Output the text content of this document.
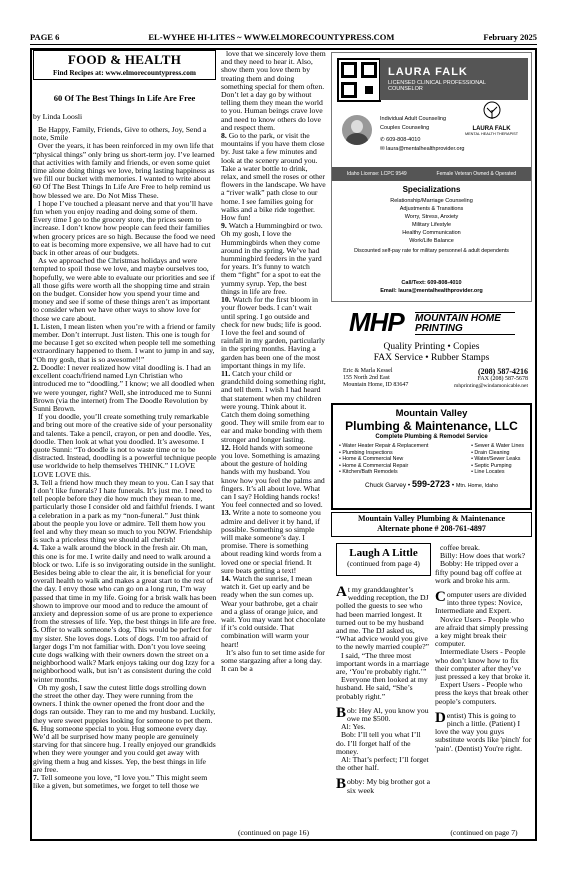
PAGE 6	EL-WYHEE HI-LITES ~ WWW.ELMORECOUNTYPRESS.COM	February 2025
FOOD & HEALTH
Find Recipes at: www.elmorecountypress.com
60 Of The Best Things In Life Are Free
by Linda Loosli

Be Happy, Family, Friends, Give to others, Joy, Send a note, Smile

Over the years, it has been reinforced in my own life that “physical things” only bring us short-term joy. I’ve learned that activities with family and friends, or even some quiet time alone doing things we love, bring lasting happiness as we fill our bucket with memories. I wanted to write about 60 Of The Best Things In Life Are Free to help remind us how blessed we are. Do Not Miss These.

I hope I’ve touched a pleasant nerve and that you’ll have fun when you enjoy reading and doing some of them. Every time I go to the grocery store, the prices seem to increase. I don’t know how people can feed their families when grocery prices are so high. Because the food we need to eat is becoming more expensive, we all have had to cut back in other areas of our budgets.

As we approached the Christmas holidays and were tempted to spoil those we love, and maybe ourselves too, hopefully, we were able to evaluate our priorities and see if all those gifts were worth all the shopping time and strain on the budget. Consider how you spend your time and money and see if some of these things aren’t as important to consider when we have other ways to show love for those we care about.

1. Listen, I mean listen when you’re with a friend or family member. Don’t interrupt. Just listen. This one is tough for me because I get so excited when people tell me something extraordinary happened to them. I want to jump in and say, “Oh my gosh, that is so awesome!!”

2. Doodle: I never realized how vital doodling is. I had an excellent coach/friend named Lyn Christian who introduced me to “doodling.” I know; we all doodled when we were younger, right? Well, she introduced me to Sunni Brown (via the internet) from The Doodle Revolution by Sunni Brown.

If you doodle, you’ll create something truly remarkable and bring out more of the creative side of your personality and talents. Take a pencil, crayon, or pen and doodle. Yes, doodle. Then look at what you doodled. It’s awesome. I quote Sunni: “To doodle is not to waste time or to be distracted. Instead, doodling is a powerful technique people use worldwide to help themselves THINK.” I LOVE LOVE LOVE this.

3. Tell a friend how much they mean to you. Can I say that I don’t like funerals? I hate funerals. It’s just me. I need to tell people before they die how much they mean to me, particularly those I consider old and faithful friends. I want a celebration in a park as my “non-funeral.” Just think about the people you love or admire. Tell them how you feel and why they mean so much to you NOW. Friendship is such a priceless thing we should all cherish!

4. Take a walk around the block in the fresh air. Oh man, this one is for me. I write daily and need to walk around a block or two. Life is so invigorating outside in the sunlight. Besides being able to clear the air, it is beneficial for your overall health to walk and makes a great start to the rest of the day. I envy those who can go on a long run, I’m way passed that time in my life. Going for a brisk walk has been shown to improve our mood and to reduce the amount of anxiety and depression some of us are prone to experience from the stresses of life. Yep, the best things in life are free.

5. Offer to walk someone’s dog. This would be perfect for my sister. She loves dogs. Lots of dogs. I’m too afraid of larger dogs I’m not familiar with. Don’t you love seeing cute dogs walking with their owners down the street on a neighborhood walk? Mark enjoys taking our dog Izzy for a neighborhood walk, but isn’t as consistent during the cold winter months.

Oh my gosh, I saw the cutest little dogs strolling down the street the other day. They were running from the owners. I think the owner opened the front door and the dogs ran outside. They ran to me and my husband. Luckily, they were sweet puppies looking for someone to pet them.

6. Hug someone special to you. Hug someone every day. We’d all be surprised how many people are genuinely starving for that sincere hug. I really enjoyed our grandkids when they were younger and you could get away with giving them a hug and kisses. Yep, the best things in life are free.

7. Tell someone you love, “I love you.” This might seem like a given, but sometimes, we forget to tell those we

love that we sincerely love them and they need to hear it. Also, show them you love them by treating them and doing something special for them often. Don’t let a day go by without telling them they mean the world to you. Human beings crave love and need to know others do love and respect them.

8. Go to the park, or visit the mountains if you have them close by. Just take a few minutes and look at the scenery around you. Take a water bottle to drink, relax, and smell the roses or other flowers in the landscape. We have a “river walk” path close to our home. I see families going for walks and a bike ride together. How fun!

9. Watch a Hummingbird or two. Oh my gosh, I love the Hummingbirds when they come around in the spring. We’ve had hummingbird feeders in the yard for years. It’s funny to watch them “fight” for a spot to eat the yummy syrup. Yep, the best things in life are free.

10. Watch for the first bloom in your flower beds. I can’t wait until spring. I go outside and check for new buds; life is good. I love the feel and sound of rainfall in my garden, particularly in the spring months. Having a garden has been one of the most important things in my life.

11. Catch your child or grandchild doing something right, and tell them. I wish I had heard that statement when my children were young. Think about it. Catch them doing something good. They will smile from ear to ear and make bonding with them stronger and longer lasting.

12. Hold hands with someone you love. Something is amazing about the gesture of holding hands with my husband. You know how you feel the palms and fingers. It’s all about love. What can I say? Holding hands rocks! You feel connected and so loved.

13. Write a note to someone you admire and deliver it by hand, if possible. Something so simple will make someone’s day. I promise. There is something about reading kind words from a loved one or special friend. It sure beats getting a text!

14. Watch the sunrise, I mean watch it. Get up early and be ready when the sun comes up. Wear your bathrobe, get a chair and a glass of orange juice, and wait. You may want hot chocolate if it’s cold outside. That combination will warm your heart!

It’s also fun to set time aside for some stargazing after a long day. It can be a

(continued on page 16)
LAURA FALK
LICENSED CLINICAL PROFESSIONAL COUNSELOR
LAURA FALK
MENTAL HEALTH THERAPIST
Individual Adult Counseling
Couples Counseling
✆ 609-808-4010
✉ laura@mentalhealthprovider.org
Idaho License: LCPC 9549	Female Veteran Owned & Operated
Specializations
Relationship/Marriage Counseling
Adjustments & Transitions
Worry, Stress, Anxiety
Military Lifestyle
Healthy Communication
Work/Life Balance
Discounted self-pay rate for military personnel & adult dependents
Call/Text: 609-808-4010
Email: laura@mentalhealthprovider.org
MHP	MOUNTAIN HOME
PRINTING
Quality Printing • Copies
FAX Service • Rubber Stamps
Eric & Marla Kessel
155 North 2nd East
Mountain Home, ID 83647
(208) 587-4216
FAX (208) 587-5678
mhprinting@windamonicable.net
Mountain Valley
Plumbing & Maintenance, LLC
Complete Plumbing & Remodel Service
• Water Heater Repair & Replacement
• Plumbing Inspections
• Home & Commercial New
• Home & Commercial Repair
• Kitchen/Bath Remodels
• Sewer & Water Lines
• Drain Cleaning
• Water/Sewer Leaks
• Septic Pumping
• Line Locates
Chuck Garvey • 599-2723 • Mtn. Home, Idaho
Mountain Valley Plumbing & Maintenance
Alternate phone # 208-761-4897
Laugh A Little
(continued from page 4)

At my granddaughter’s wedding reception, the DJ polled the guests to see who had been married longest. It turned out to be my husband and me. The DJ asked us, “What advice would you give to the newly married couple?”

I said, “The three most important words in a marriage are, ‘You’re probably right.’”

Everyone then looked at my husband. He said, “She’s probably right.”

Bob: Hey Al, you know you owe me $500.

Al: Yes.

Bob: I’ll tell you what I’ll do. I’ll forget half of the money.

Al: That’s perfect; I’ll forget the other half.

Bobby: My big brother got a six week

coffee break.

Billy: How does that work?

Bobby: He tripped over a fifty pound bag off coffee at work and broke his arm.

Computer users are divided into three types: Novice, Intermediate and Expert.

Novice Users - People who are afraid that simply pressing a key might break their computer.

Intermediate Users - People who don’t know how to fix their computer after they’ve just pressed a key that broke it.

Expert Users - People who press the keys that break other people’s computers.

Dentist) This is going to pinch a little. (Patient) I love the way you guys substitute words like 'pinch' for 'pain'. (Dentist) You're right.

(continued on page 7)
